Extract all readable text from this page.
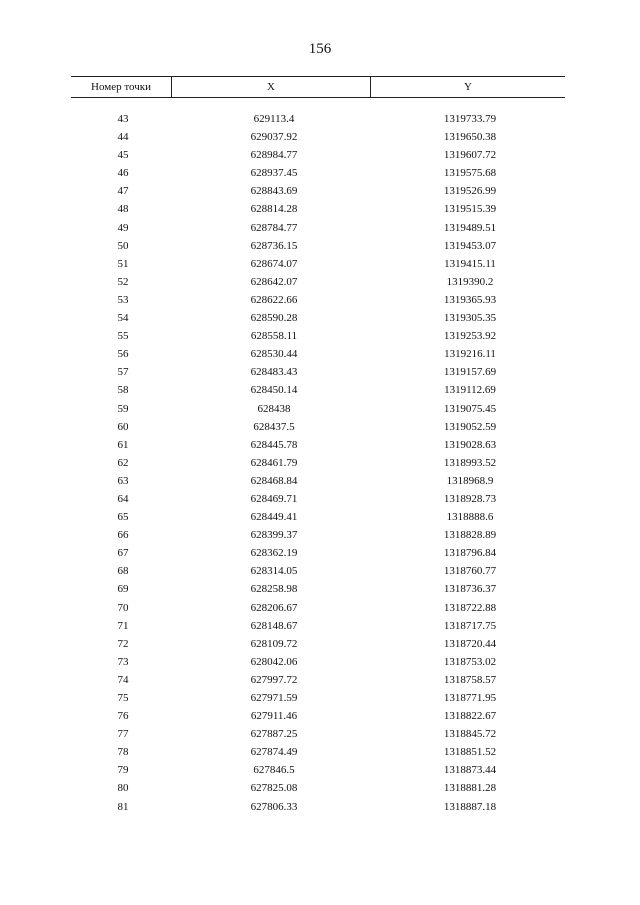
156
Номер точки	X	Y
43	629113.4	1319733.79
44	629037.92	1319650.38
45	628984.77	1319607.72
46	628937.45	1319575.68
47	628843.69	1319526.99
48	628814.28	1319515.39
49	628784.77	1319489.51
50	628736.15	1319453.07
51	628674.07	1319415.11
52	628642.07	1319390.2
53	628622.66	1319365.93
54	628590.28	1319305.35
55	628558.11	1319253.92
56	628530.44	1319216.11
57	628483.43	1319157.69
58	628450.14	1319112.69
59	628438	1319075.45
60	628437.5	1319052.59
61	628445.78	1319028.63
62	628461.79	1318993.52
63	628468.84	1318968.9
64	628469.71	1318928.73
65	628449.41	1318888.6
66	628399.37	1318828.89
67	628362.19	1318796.84
68	628314.05	1318760.77
69	628258.98	1318736.37
70	628206.67	1318722.88
71	628148.67	1318717.75
72	628109.72	1318720.44
73	628042.06	1318753.02
74	627997.72	1318758.57
75	627971.59	1318771.95
76	627911.46	1318822.67
77	627887.25	1318845.72
78	627874.49	1318851.52
79	627846.5	1318873.44
80	627825.08	1318881.28
81	627806.33	1318887.18
